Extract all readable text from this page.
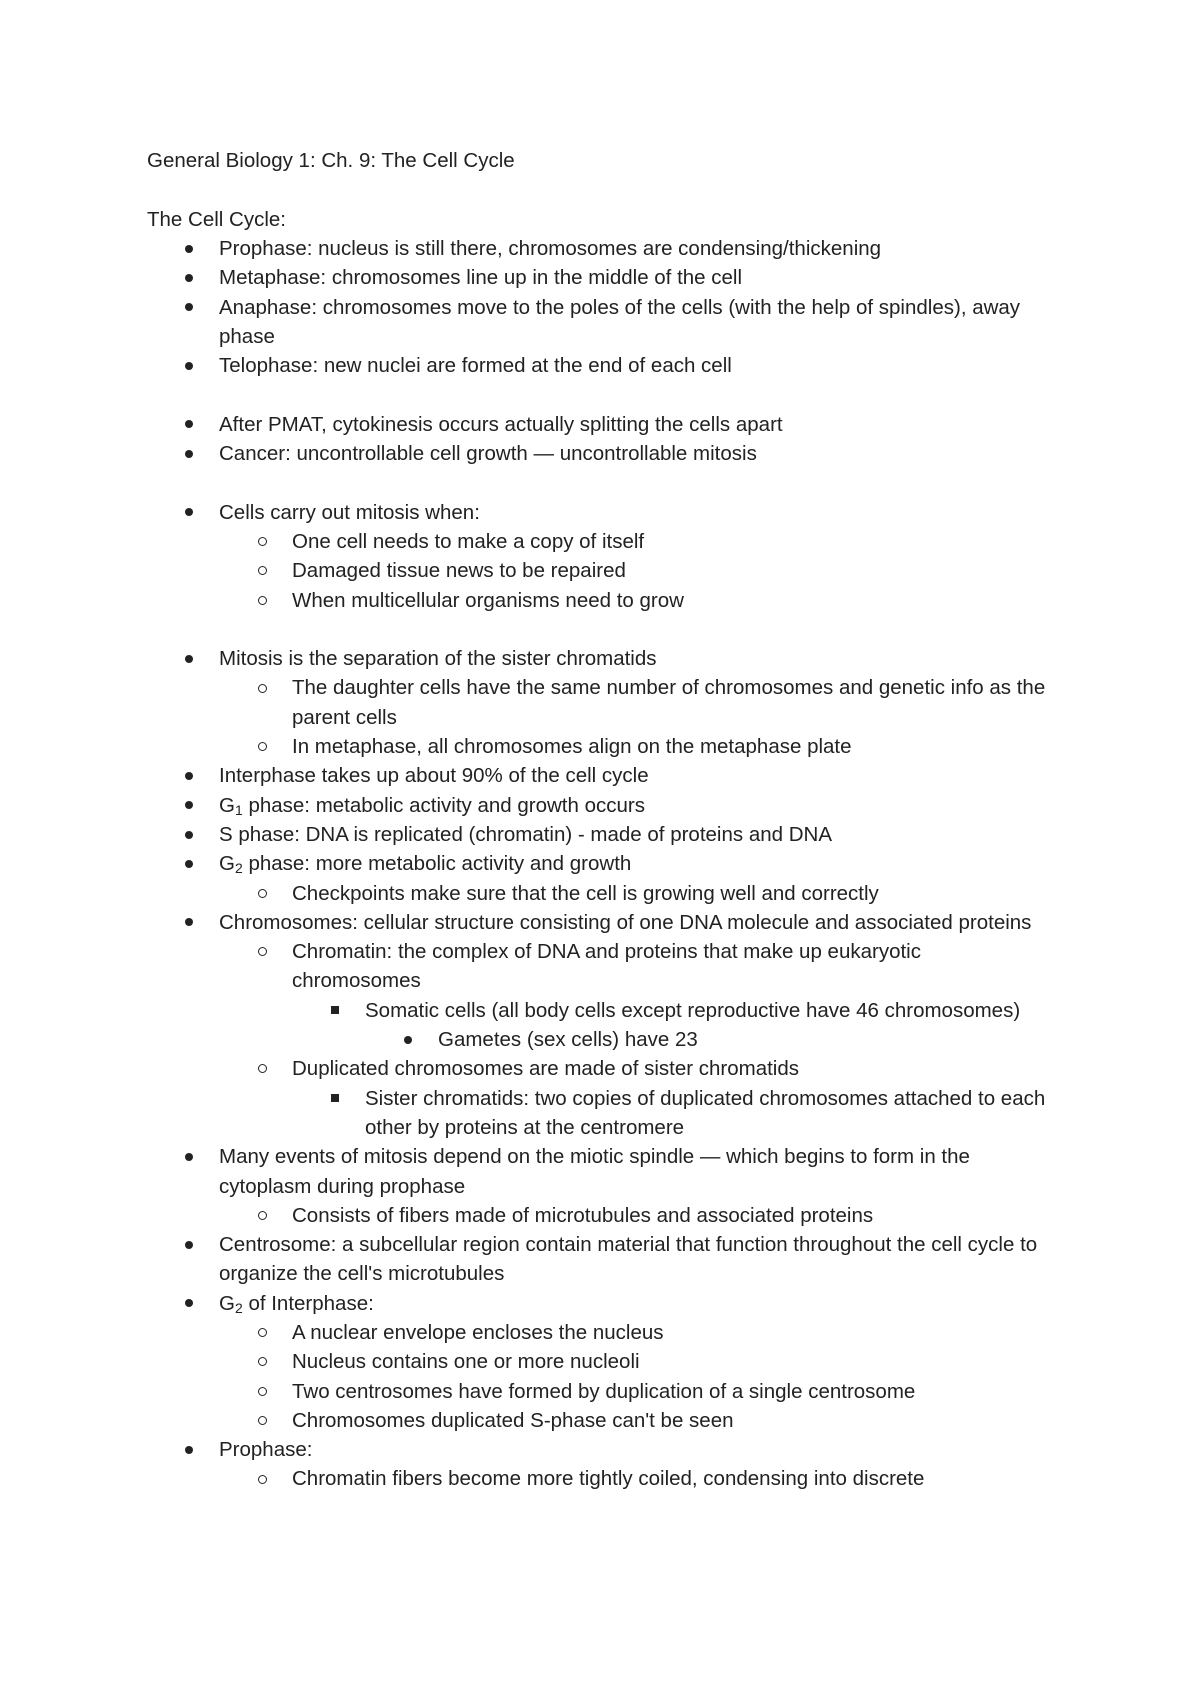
General Biology 1: Ch. 9: The Cell Cycle
The Cell Cycle:
Prophase: nucleus is still there, chromosomes are condensing/thickening
Metaphase: chromosomes line up in the middle of the cell
Anaphase: chromosomes move to the poles of the cells (with the help of spindles), away phase
Telophase: new nuclei are formed at the end of each cell
After PMAT, cytokinesis occurs actually splitting the cells apart
Cancer: uncontrollable cell growth — uncontrollable mitosis
Cells carry out mitosis when:
One cell needs to make a copy of itself
Damaged tissue news to be repaired
When multicellular organisms need to grow
Mitosis is the separation of the sister chromatids
The daughter cells have the same number of chromosomes and genetic info as the parent cells
In metaphase, all chromosomes align on the metaphase plate
Interphase takes up about 90% of the cell cycle
$G_1$ phase: metabolic activity and growth occurs
S phase: DNA is replicated (chromatin) - made of proteins and DNA
$G_2$ phase: more metabolic activity and growth
Checkpoints make sure that the cell is growing well and correctly
Chromosomes: cellular structure consisting of one DNA molecule and associated proteins
Chromatin: the complex of DNA and proteins that make up eukaryotic chromosomes
Somatic cells (all body cells except reproductive have 46 chromosomes)
Gametes (sex cells) have 23
Duplicated chromosomes are made of sister chromatids
Sister chromatids: two copies of duplicated chromosomes attached to each other by proteins at the centromere
Many events of mitosis depend on the miotic spindle — which begins to form in the cytoplasm during prophase
Consists of fibers made of microtubules and associated proteins
Centrosome: a subcellular region contain material that function throughout the cell cycle to organize the cell's microtubules
$G_2$ of Interphase:
A nuclear envelope encloses the nucleus
Nucleus contains one or more nucleoli
Two centrosomes have formed by duplication of a single centrosome
Chromosomes duplicated S-phase can't be seen
Prophase:
Chromatin fibers become more tightly coiled, condensing into discrete
